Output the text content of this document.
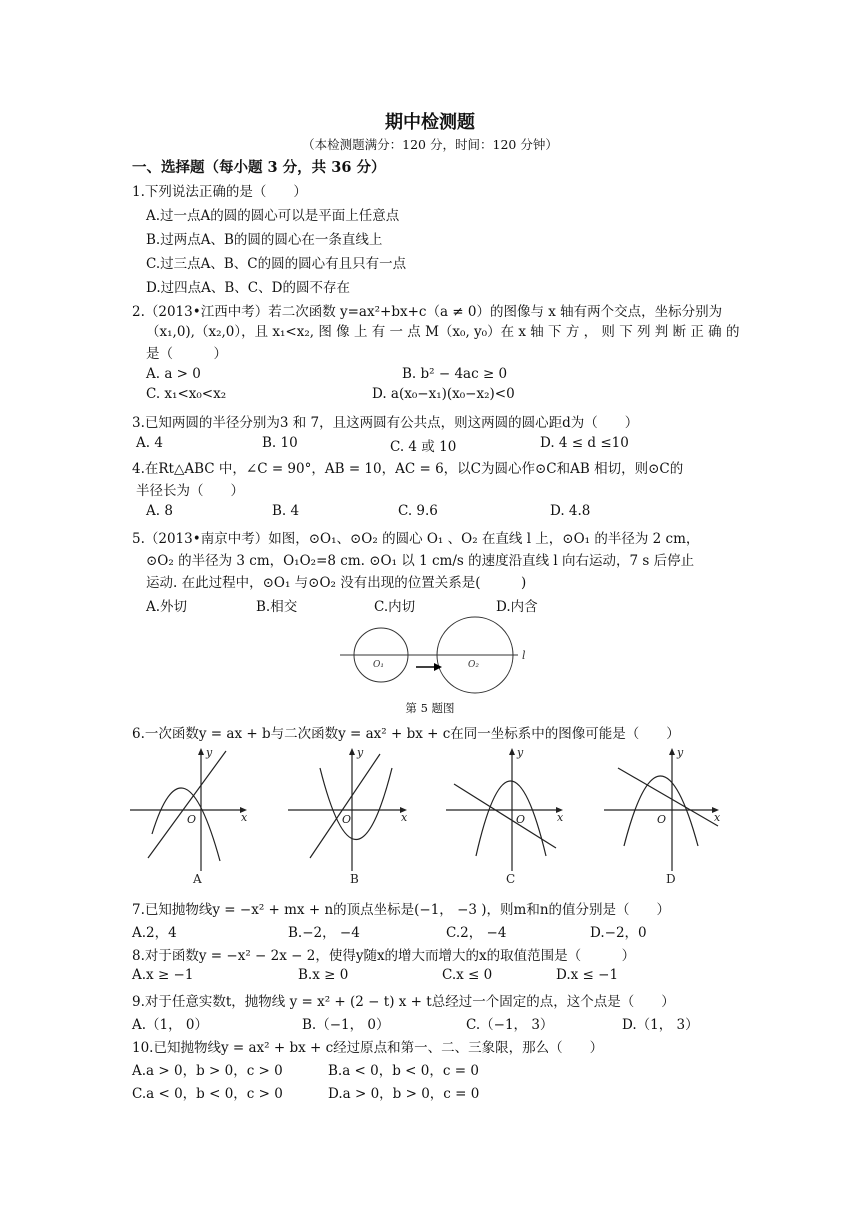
期中检测题
（本检测题满分：120 分，时间：120 分钟）
一、选择题（每小题 3 分，共 36 分）
1.下列说法正确的是（　　）
A.过一点A的圆的圆心可以是平面上任意点
B.过两点A、B的圆的圆心在一条直线上
C.过三点A、B、C的圆的圆心有且只有一点
D.过四点A、B、C、D的圆不存在
2.（2013•江西中考）若二次函数 y=ax²+bx+c（a ≠ 0）的图像与 x 轴有两个交点，坐标分别为
（x₁,0),（x₂,0），且 x₁<x₂, 图 像 上 有 一 点 M（x₀, y₀）在 x 轴 下 方 ， 则 下 列 判 断 正 确 的
是（　　　）
A. a > 0	B. b² − 4ac ≥ 0
C. x₁<x₀<x₂	D. a(x₀−x₁)(x₀−x₂)<0
3.已知两圆的半径分别为3 和 7，且这两圆有公共点，则这两圆的圆心距d为（　　）
A. 4	B. 10	C. 4 或 10	D. 4 ≤ d ≤10
4.在Rt△ABC 中，∠C = 90°，AB = 10，AC = 6，以C为圆心作⊙C和AB 相切，则⊙C的
半径长为（　　）
A. 8	B. 4	C. 9.6	D. 4.8
5.（2013•南京中考）如图，⊙O₁、⊙O₂ 的圆心 O₁ 、O₂ 在直线 l 上，⊙O₁ 的半径为 2 cm，
⊙O₂ 的半径为 3 cm，O₁O₂=8 cm. ⊙O₁ 以 1 cm/s 的速度沿直线 l 向右运动，7 s 后停止
运动. 在此过程中，⊙O₁ 与⊙O₂ 没有出现的位置关系是(　　　)
A.外切	B.相交	C.内切	D.内含
O₁	O₂
l
第 5 题图
6.一次函数y = ax + b与二次函数y = ax² + bx + c在同一坐标系中的图像可能是（　　）
O	x
y
A
O	x
y
B
O	x
y
C
O	x
y
D
7.已知抛物线y = −x² + mx + n的顶点坐标是(−1， −3 )，则m和n的值分别是（　　）
A.2，4	B.−2， −4	C.2， −4	D.−2，0
8.对于函数y = −x² − 2x − 2，使得y随x的增大而增大的x的取值范围是（　　　）
A.x ≥ −1	B.x ≥ 0	C.x ≤ 0	D.x ≤ −1
9.对于任意实数t，抛物线 y = x² + (2 − t) x + t总经过一个固定的点，这个点是（　　）
A.（1， 0）	B.（−1， 0）	C.（−1， 3）	D.（1， 3）
10.已知抛物线y = ax² + bx + c经过原点和第一、二、三象限，那么（　　）
A.a > 0，b > 0，c > 0	B.a < 0，b < 0，c = 0
C.a < 0，b < 0，c > 0	D.a > 0，b > 0，c = 0
